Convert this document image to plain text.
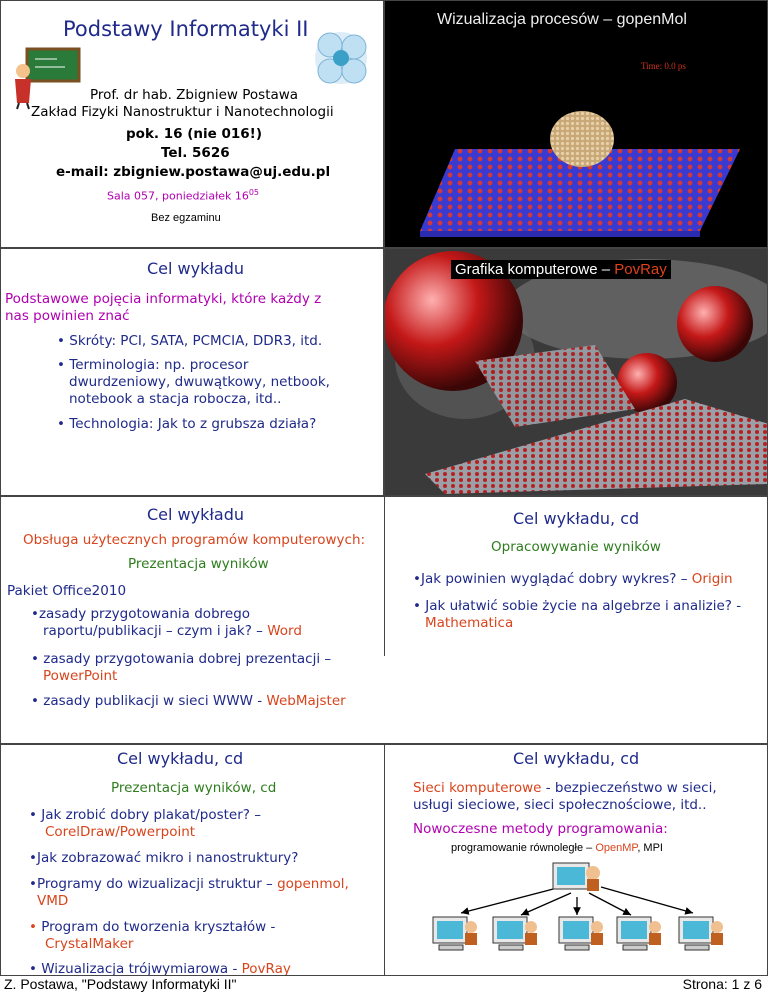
Podstawy Informatyki II
Prof. dr hab. Zbigniew Postawa
Zakład Fizyki Nanostruktur i Nanotechnologii
pok. 16 (nie 016!)
Tel. 5626
e-mail: zbigniew.postawa@uj.edu.pl
Sala 057, poniedziałek $16^{05}$
Bez egzaminu
Wizualizacja procesów – gopenMol
Time: 0.0 ps
Cel wykładu
Podstawowe pojęcia informatyki, które każdy z
nas powinien znać
• Skróty: PCI, SATA, PCMCIA, DDR3, itd.
• Terminologia: np. procesor
dwurdzeniowy, dwuwątkowy, netbook,
notebook a stacja robocza, itd..
• Technologia: Jak to z grubsza działa?
Grafika komputerowe – PovRay
Cel wykładu
Obsługa użytecznych programów komputerowych:
Prezentacja wyników
Pakiet Office2010
•zasady przygotowania dobrego
raportu/publikacji – czym i jak? – Word
• zasady przygotowania dobrej prezentacji –
PowerPoint
• zasady publikacji w sieci WWW - WebMajster
Cel wykładu, cd
Opracowywanie wyników
•Jak powinien wyglądać dobry wykres? – Origin
• Jak ułatwić sobie życie na algebrze i analizie? -
Mathematica
Cel wykładu, cd
Prezentacja wyników, cd
• Jak zrobić dobry plakat/poster? –
CorelDraw/Powerpoint
•Jak zobrazować mikro i nanostruktury?
•Programy do wizualizacji struktur – gopenmol,
VMD
• Program do tworzenia kryształów -
CrystalMaker
• Wizualizacja trójwymiarowa - PovRay
Cel wykładu, cd
Sieci komputerowe - bezpieczeństwo w sieci,
usługi sieciowe, sieci społecznościowe, itd..
Nowoczesne metody programowania:
programowanie równoległe – OpenMP, MPI
Z. Postawa, "Podstawy Informatyki II"	Strona: 1 z 6
